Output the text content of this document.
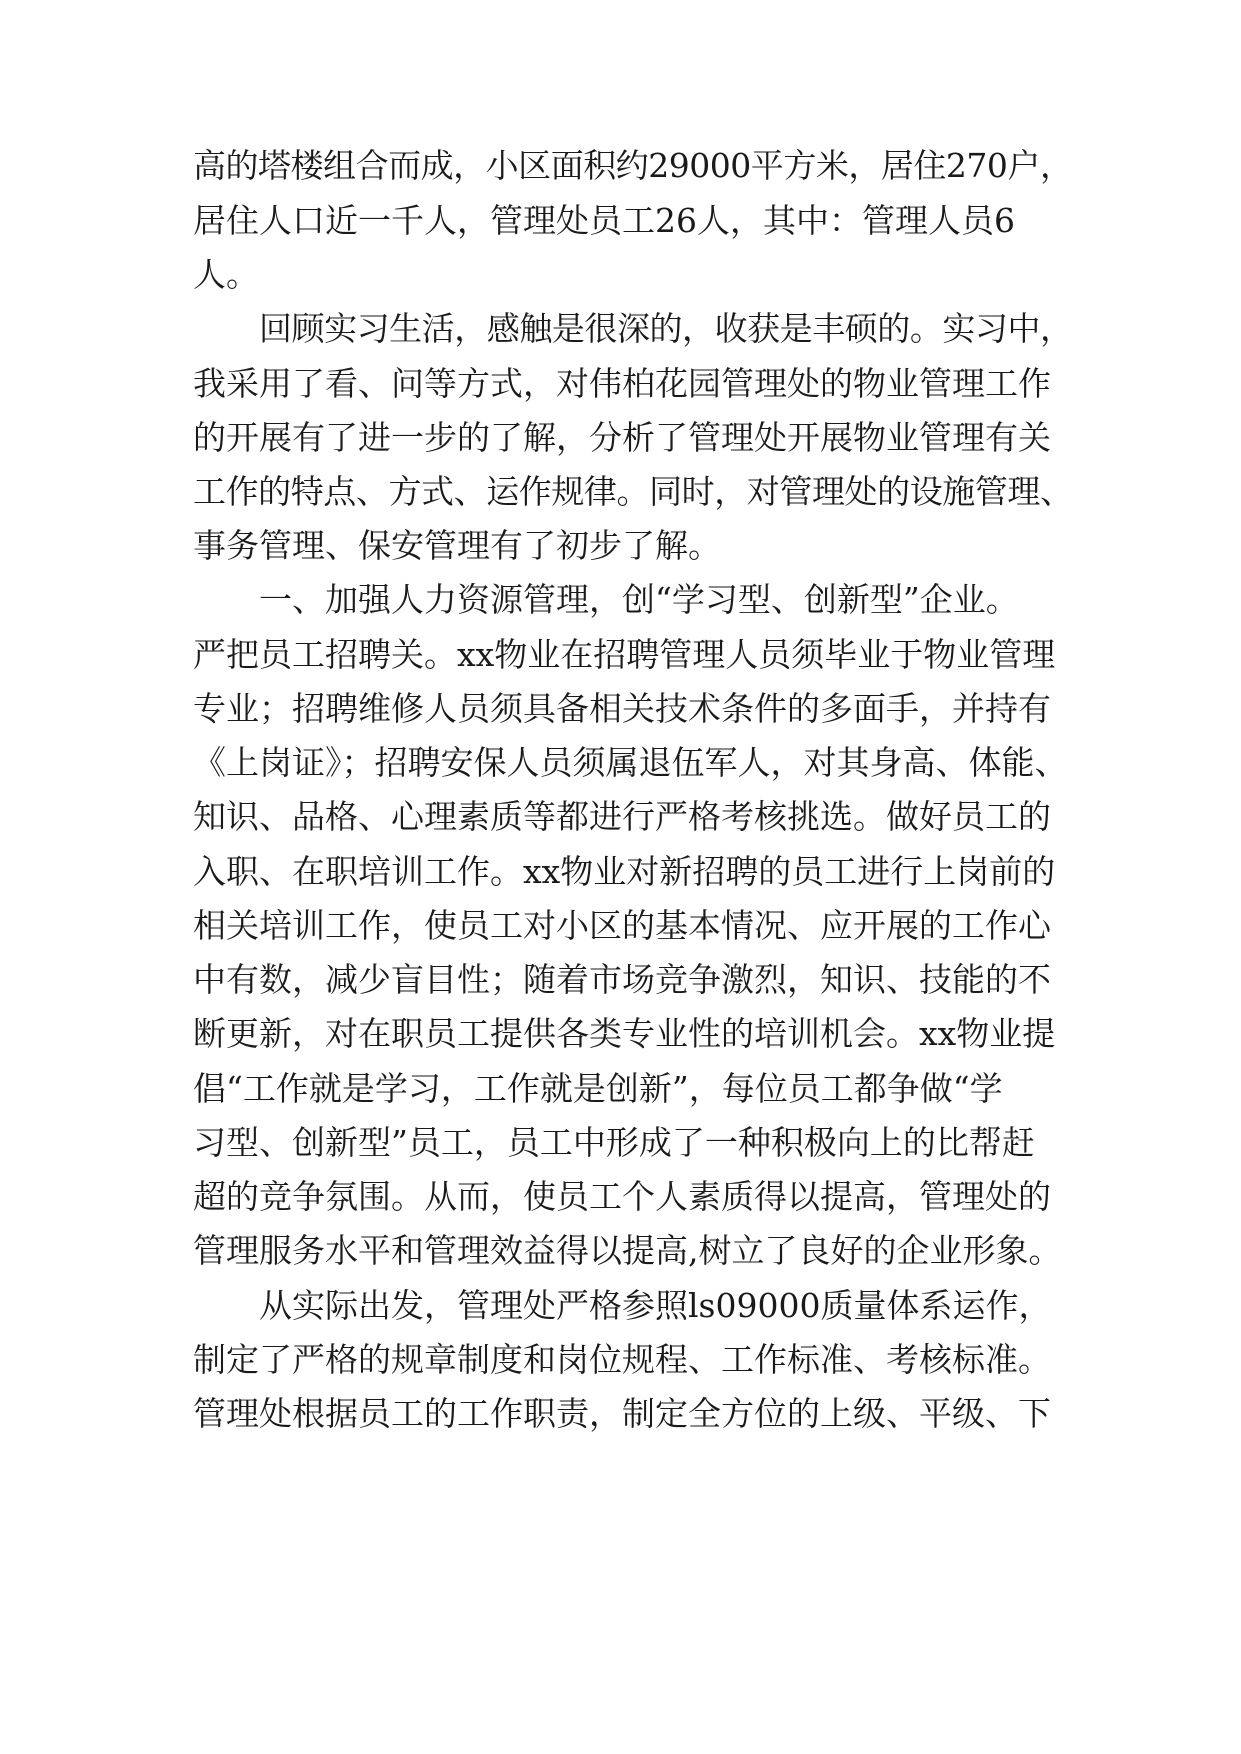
高的塔楼组合而成，小区面积约29000平方米，居住270户，
居住人口近一千人，管理处员工26人，其中：管理人员6
人。
回顾实习生活，感触是很深的，收获是丰硕的。实习中，
我采用了看、问等方式，对伟柏花园管理处的物业管理工作
的开展有了进一步的了解，分析了管理处开展物业管理有关
工作的特点、方式、运作规律。同时，对管理处的设施管理、
事务管理、保安管理有了初步了解。
一、加强人力资源管理，创“学习型、创新型”企业。
严把员工招聘关。xx物业在招聘管理人员须毕业于物业管理
专业；招聘维修人员须具备相关技术条件的多面手，并持有
《上岗证》；招聘安保人员须属退伍军人，对其身高、体能、
知识、品格、心理素质等都进行严格考核挑选。做好员工的
入职、在职培训工作。xx物业对新招聘的员工进行上岗前的
相关培训工作，使员工对小区的基本情况、应开展的工作心
中有数，减少盲目性；随着市场竞争激烈，知识、技能的不
断更新，对在职员工提供各类专业性的培训机会。xx物业提
倡“工作就是学习，工作就是创新”，每位员工都争做“学
习型、创新型”员工，员工中形成了一种积极向上的比帮赶
超的竞争氛围。从而，使员工个人素质得以提高，管理处的
管理服务水平和管理效益得以提高,树立了良好的企业形象。
从实际出发，管理处严格参照ls09000质量体系运作，
制定了严格的规章制度和岗位规程、工作标准、考核标准。
管理处根据员工的工作职责，制定全方位的上级、平级、下
